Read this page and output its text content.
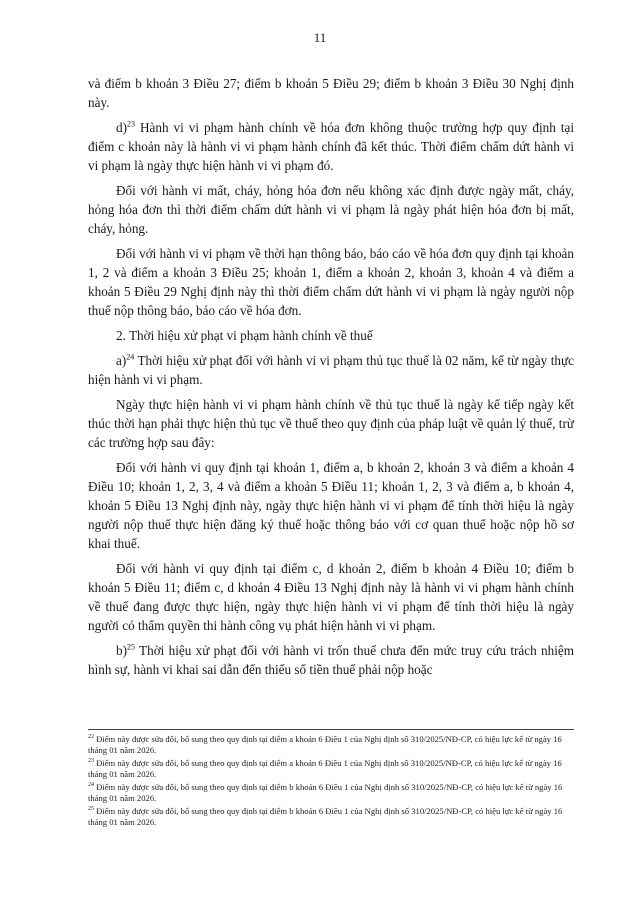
11

và điểm b khoản 3 Điều 27; điểm b khoản 5 Điều 29; điểm b khoản 3 Điều 30 Nghị định này.

d)$^{23}$ Hành vi vi phạm hành chính về hóa đơn không thuộc trường hợp quy định tại điểm c khoản này là hành vi vi phạm hành chính đã kết thúc. Thời điểm chấm dứt hành vi vi phạm là ngày thực hiện hành vi vi phạm đó.

Đối với hành vi mất, cháy, hỏng hóa đơn nếu không xác định được ngày mất, cháy, hỏng hóa đơn thì thời điểm chấm dứt hành vi vi phạm là ngày phát hiện hóa đơn bị mất, cháy, hỏng.

Đối với hành vi vi phạm về thời hạn thông báo, báo cáo về hóa đơn quy định tại khoản 1, 2 và điểm a khoản 3 Điều 25; khoản 1, điểm a khoản 2, khoản 3, khoản 4 và điểm a khoản 5 Điều 29 Nghị định này thì thời điểm chấm dứt hành vi vi phạm là ngày người nộp thuế nộp thông báo, báo cáo về hóa đơn.

2. Thời hiệu xử phạt vi phạm hành chính về thuế

a)$^{24}$ Thời hiệu xử phạt đối với hành vi vi phạm thủ tục thuế là 02 năm, kể từ ngày thực hiện hành vi vi phạm.

Ngày thực hiện hành vi vi phạm hành chính về thủ tục thuế là ngày kế tiếp ngày kết thúc thời hạn phải thực hiện thủ tục về thuế theo quy định của pháp luật về quản lý thuế, trừ các trường hợp sau đây:

Đối với hành vi quy định tại khoản 1, điểm a, b khoản 2, khoản 3 và điểm a khoản 4 Điều 10; khoản 1, 2, 3, 4 và điểm a khoản 5 Điều 11; khoản 1, 2, 3 và điểm a, b khoản 4, khoản 5 Điều 13 Nghị định này, ngày thực hiện hành vi vi phạm để tính thời hiệu là ngày người nộp thuế thực hiện đăng ký thuế hoặc thông báo với cơ quan thuế hoặc nộp hồ sơ khai thuế.

Đối với hành vi quy định tại điểm c, d khoản 2, điểm b khoản 4 Điều 10; điểm b khoản 5 Điều 11; điểm c, d khoản 4 Điều 13 Nghị định này là hành vi vi phạm hành chính về thuế đang được thực hiện, ngày thực hiện hành vi vi phạm để tính thời hiệu là ngày người có thẩm quyền thi hành công vụ phát hiện hành vi vi phạm.

b)$^{25}$ Thời hiệu xử phạt đối với hành vi trốn thuế chưa đến mức truy cứu trách nhiệm hình sự, hành vi khai sai dẫn đến thiếu số tiền thuế phải nộp hoặc

$^{22}$ Điểm này được sửa đổi, bổ sung theo quy định tại điểm a khoản 6 Điều 1 của Nghị định số 310/2025/NĐ-CP, có hiệu lực kể từ ngày 16 tháng 01 năm 2026.

$^{23}$ Điểm này được sửa đổi, bổ sung theo quy định tại điểm a khoản 6 Điều 1 của Nghị định số 310/2025/NĐ-CP, có hiệu lực kể từ ngày 16 tháng 01 năm 2026.

$^{24}$ Điểm này được sửa đổi, bổ sung theo quy định tại điểm b khoản 6 Điều 1 của Nghị định số 310/2025/NĐ-CP, có hiệu lực kể từ ngày 16 tháng 01 năm 2026.

$^{25}$ Điểm này được sửa đổi, bổ sung theo quy định tại điểm b khoản 6 Điều 1 của Nghị định số 310/2025/NĐ-CP, có hiệu lực kể từ ngày 16 tháng 01 năm 2026.
